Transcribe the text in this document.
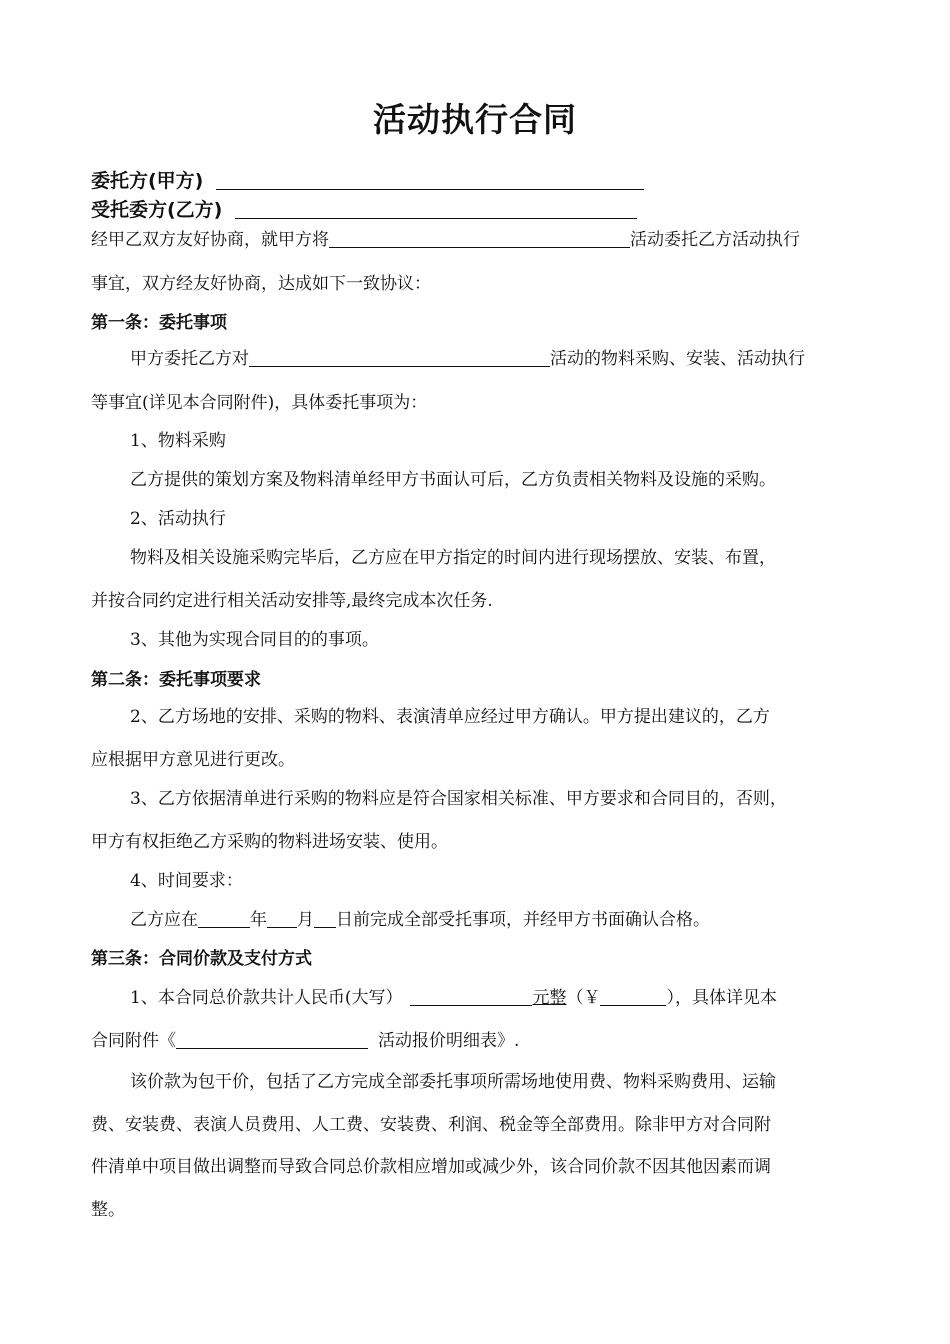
活动执行合同
委托方(甲方)
受托委方(乙方)
经甲乙双方友好协商，就甲方将	活动委托乙方活动执行
事宜，双方经友好协商，达成如下一致协议：
第一条：委托事项
甲方委托乙方对	活动的物料采购、安装、活动执行
等事宜(详见本合同附件)，具体委托事项为：
1、物料采购
乙方提供的策划方案及物料清单经甲方书面认可后，乙方负责相关物料及设施的采购。
2、活动执行
物料及相关设施采购完毕后，乙方应在甲方指定的时间内进行现场摆放、安装、布置，
并按合同约定进行相关活动安排等,最终完成本次任务.
3、其他为实现合同目的的事项。
第二条：委托事项要求
2、乙方场地的安排、采购的物料、表演清单应经过甲方确认。甲方提出建议的，乙方
应根据甲方意见进行更改。
3、乙方依据清单进行采购的物料应是符合国家相关标准、甲方要求和合同目的，否则，
甲方有权拒绝乙方采购的物料进场安装、使用。
4、时间要求：
乙方应在	年 月 日前完成全部受托事项，并经甲方书面确认合格。
第三条：合同价款及支付方式
1、本合同总价款共计人民币(大写）	元整（￥	），具体详见本
合同附件《	活动报价明细表》.
该价款为包干价，包括了乙方完成全部委托事项所需场地使用费、物料采购费用、运输
费、安装费、表演人员费用、人工费、安装费、利润、税金等全部费用。除非甲方对合同附
件清单中项目做出调整而导致合同总价款相应增加或减少外，该合同价款不因其他因素而调
整。
